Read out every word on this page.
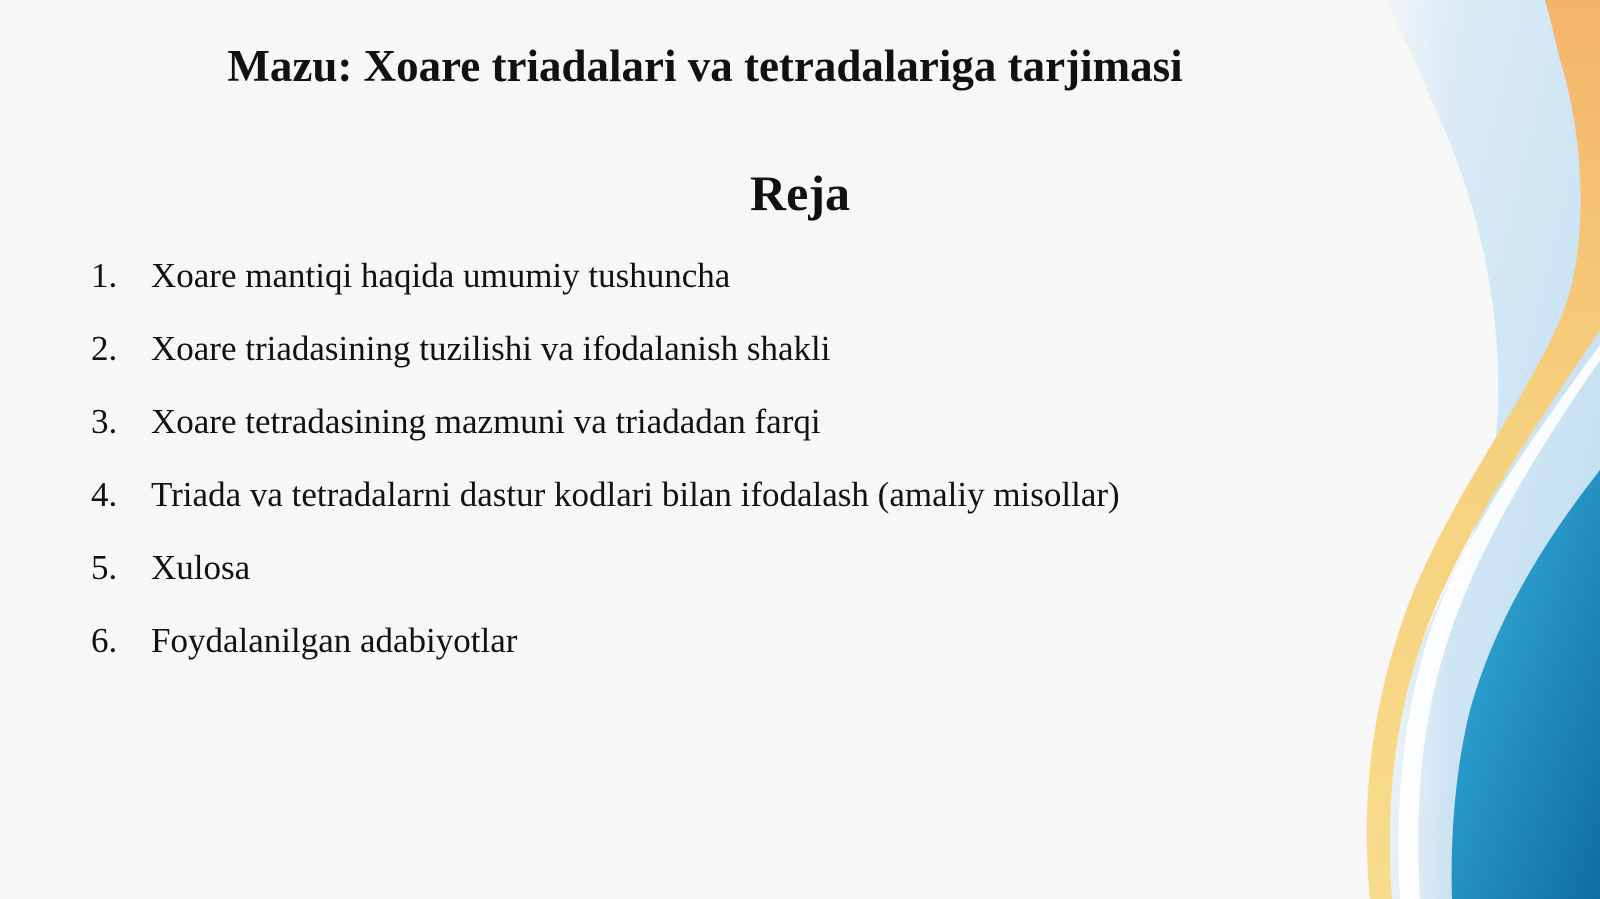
Mazu: Xoare triadalari va tetradalariga tarjimasi
Reja
1. Xoare mantiqi haqida umumiy tushuncha
2. Xoare triadasining tuzilishi va ifodalanish shakli
3. Xoare tetradasining mazmuni va triadadan farqi
4. Triada va tetradalarni dastur kodlari bilan ifodalash (amaliy misollar)
5. Xulosa
6. Foydalanilgan adabiyotlar
